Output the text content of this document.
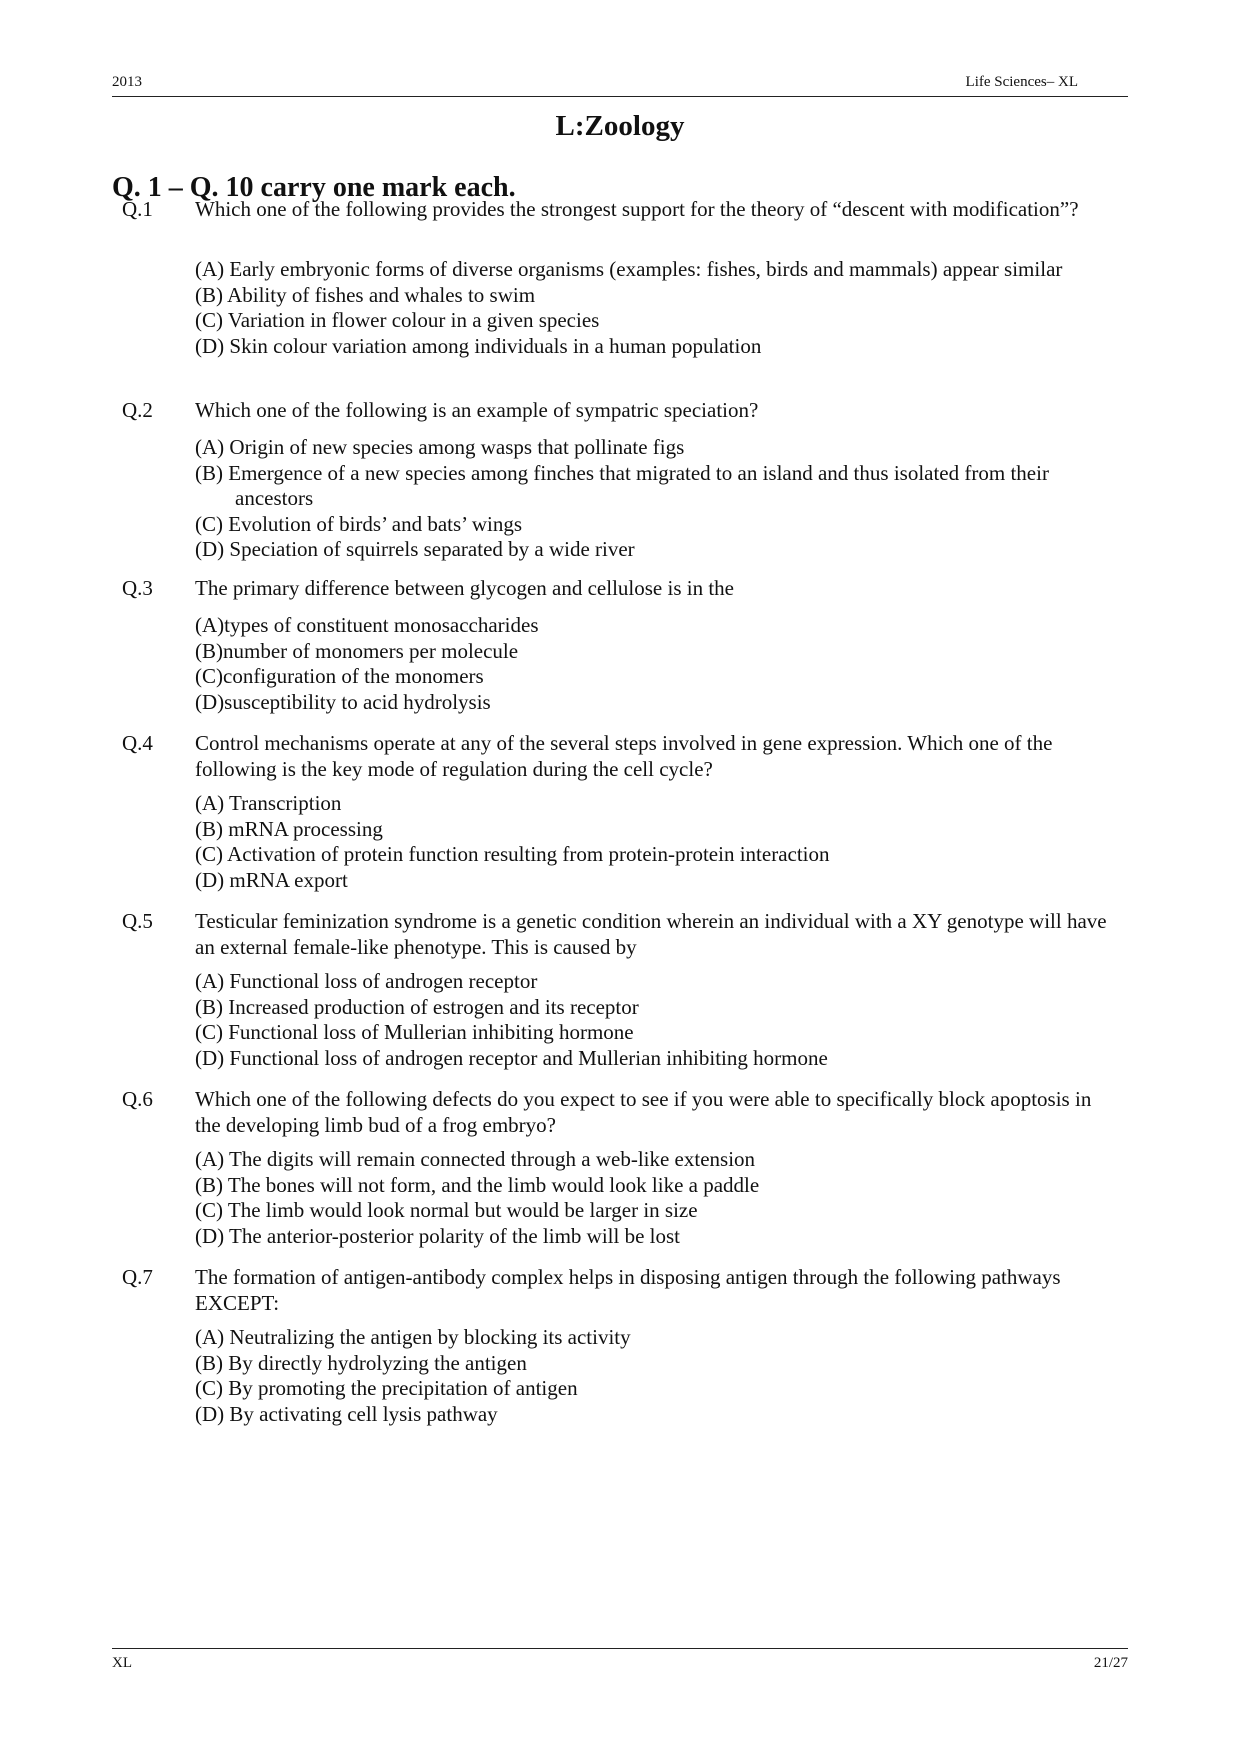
2013	Life Sciences– XL
L:Zoology
Q. 1 – Q. 10 carry one mark each.
Q.1 Which one of the following provides the strongest support for the theory of “descent with modification”?
(A) Early embryonic forms of diverse organisms (examples: fishes, birds and mammals) appear similar
(B) Ability of fishes and whales to swim
(C) Variation in flower colour in a given species
(D) Skin colour variation among individuals in a human population
Q.2 Which one of the following is an example of sympatric speciation?
(A) Origin of new species among wasps that pollinate figs
(B) Emergence of a new species among finches that migrated to an island and thus isolated from their ancestors
(C) Evolution of birds’ and bats’ wings
(D) Speciation of squirrels separated by a wide river
Q.3 The primary difference between glycogen and cellulose is in the
(A)types of constituent monosaccharides
(B)number of monomers per molecule
(C)configuration of the monomers
(D)susceptibility to acid hydrolysis
Q.4 Control mechanisms operate at any of the several steps involved in gene expression. Which one of the following is the key mode of regulation during the cell cycle?
(A) Transcription
(B) mRNA processing
(C) Activation of protein function resulting from protein-protein interaction
(D) mRNA export
Q.5 Testicular feminization syndrome is a genetic condition wherein an individual with a XY genotype will have an external female-like phenotype. This is caused by
(A) Functional loss of androgen receptor
(B) Increased production of estrogen and its receptor
(C) Functional loss of Mullerian inhibiting hormone
(D) Functional loss of androgen receptor and Mullerian inhibiting hormone
Q.6 Which one of the following defects do you expect to see if you were able to specifically block apoptosis in the developing limb bud of a frog embryo?
(A) The digits will remain connected through a web-like extension
(B) The bones will not form, and the limb would look like a paddle
(C) The limb would look normal but would be larger in size
(D) The anterior-posterior polarity of the limb will be lost
Q.7 The formation of antigen-antibody complex helps in disposing antigen through the following pathways EXCEPT:
(A) Neutralizing the antigen by blocking its activity
(B) By directly hydrolyzing the antigen
(C) By promoting the precipitation of antigen
(D) By activating cell lysis pathway
XL	21/27
